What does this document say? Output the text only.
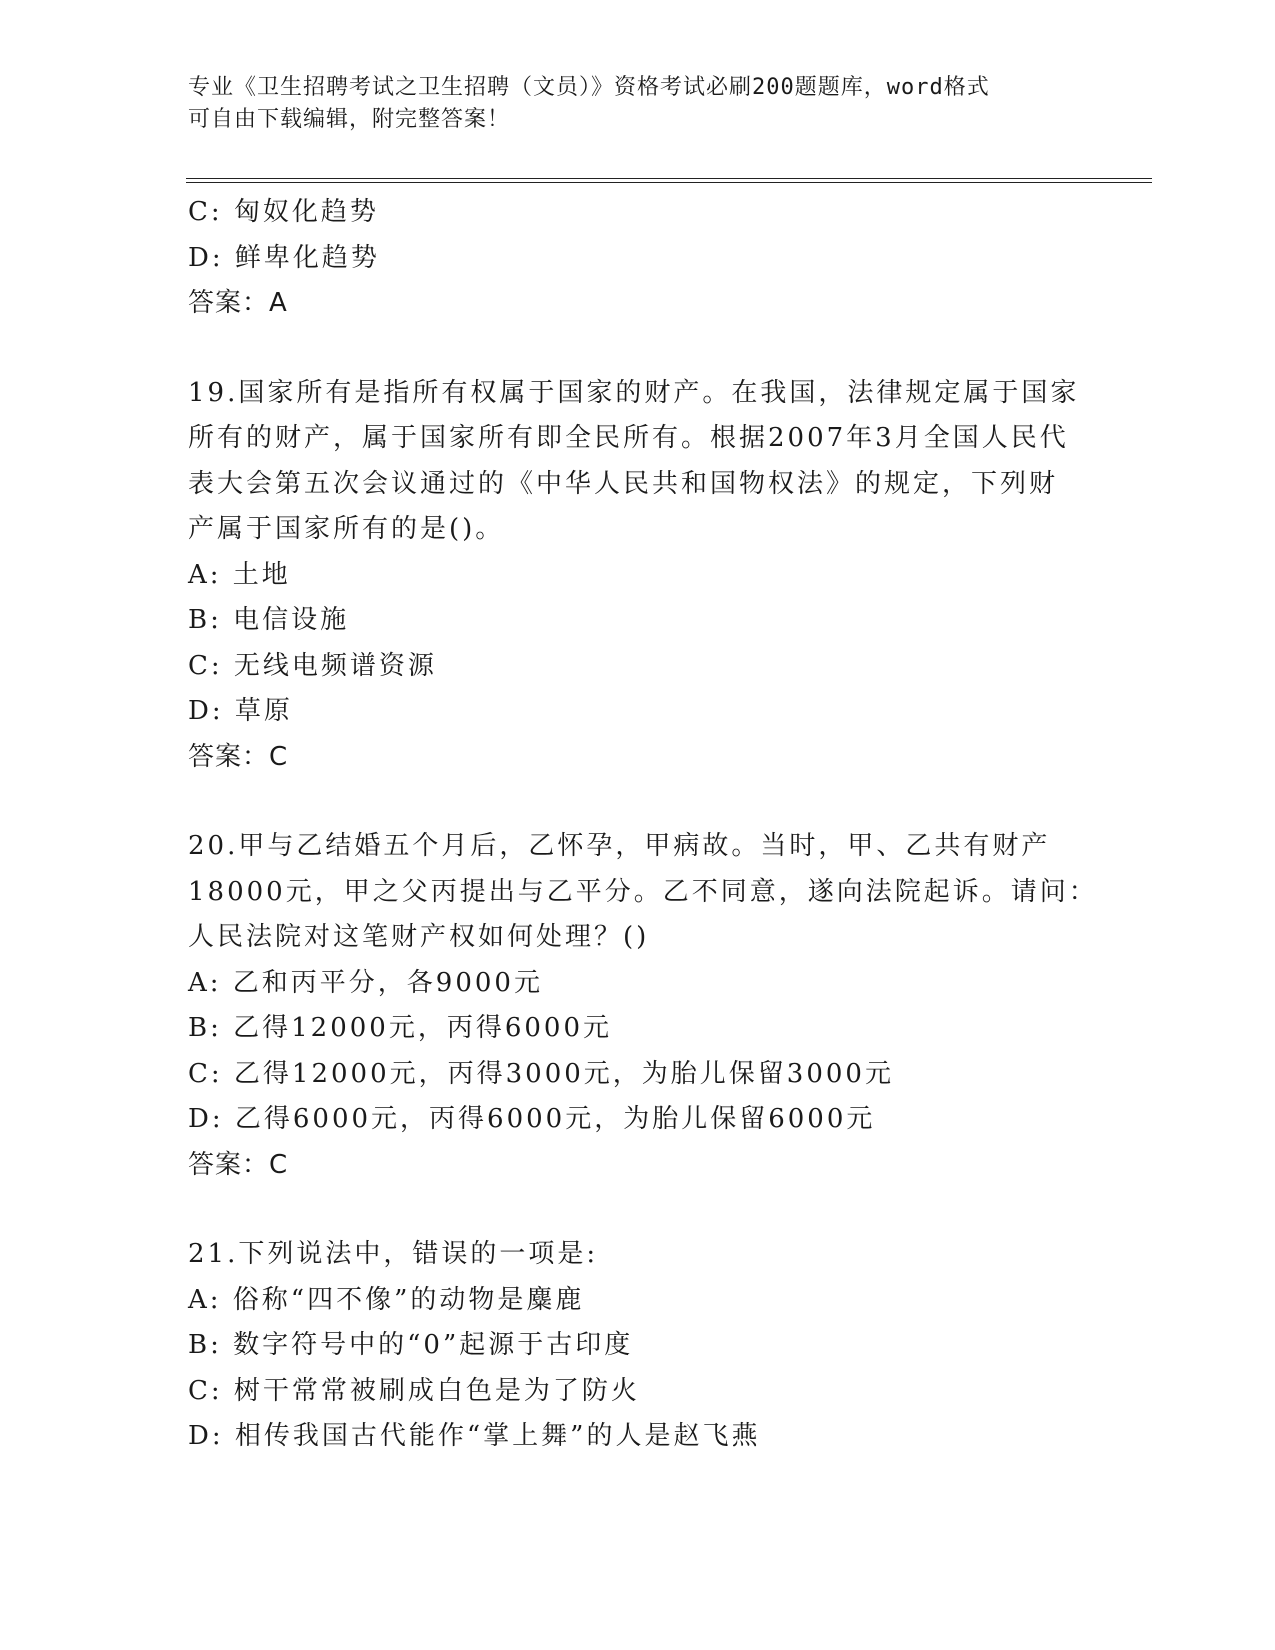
专业《卫生招聘考试之卫生招聘（文员）》资格考试必刷200题题库，word格式
可自由下载编辑，附完整答案！
C: 匈奴化趋势
D: 鲜卑化趋势
答案：A
19.国家所有是指所有权属于国家的财产。在我国，法律规定属于国家
所有的财产，属于国家所有即全民所有。根据2007年3月全国人民代
表大会第五次会议通过的《中华人民共和国物权法》的规定，下列财
产属于国家所有的是()。
A: 土地
B: 电信设施
C: 无线电频谱资源
D: 草原
答案：C
20.甲与乙结婚五个月后，乙怀孕，甲病故。当时，甲、乙共有财产
18000元，甲之父丙提出与乙平分。乙不同意，遂向法院起诉。请问：
人民法院对这笔财产权如何处理？()
A: 乙和丙平分，各9000元
B: 乙得12000元，丙得6000元
C: 乙得12000元，丙得3000元，为胎儿保留3000元
D: 乙得6000元，丙得6000元，为胎儿保留6000元
答案：C
21.下列说法中，错误的一项是:
A: 俗称“四不像”的动物是麋鹿
B: 数字符号中的“0”起源于古印度
C: 树干常常被刷成白色是为了防火
D: 相传我国古代能作“掌上舞”的人是赵飞燕
